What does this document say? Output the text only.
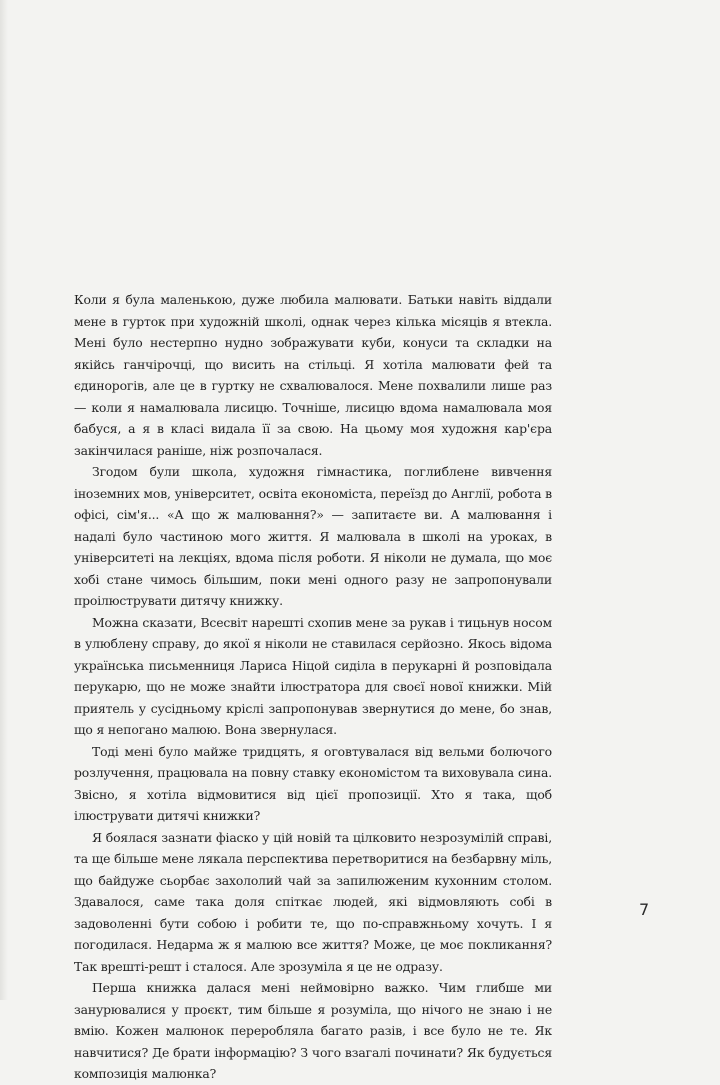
Коли я була маленькою, дуже любила малювати. Батьки навіть віддали мене в гурток при художній школі, однак через кілька місяців я втекла. Мені було нестерпно нудно зображувати куби, конуси та складки на якійсь ганчірочці, що висить на стільці. Я хотіла малювати фей та єдинорогів, але це в гуртку не схвалювалося. Мене похвалили лише раз — коли я намалювала лисицю. Точніше, лисицю вдома намалювала моя бабуся, а я в класі видала її за свою. На цьому моя художня кар'єра закінчилася раніше, ніж розпочалася.

Згодом були школа, художня гімнастика, поглиблене вивчення іноземних мов, університет, освіта економіста, переїзд до Англії, робота в офісі, сім'я... «А що ж малювання?» — запитаєте ви. А малювання і надалі було частиною мого життя. Я малювала в школі на уроках, в університеті на лекціях, вдома після роботи. Я ніколи не думала, що моє хобі стане чимось більшим, поки мені одного разу не запропонували проілюструвати дитячу книжку.

Можна сказати, Всесвіт нарешті схопив мене за рукав і тицьнув носом в улюблену справу, до якої я ніколи не ставилася серйозно. Якось відома українська письменниця Лариса Ніцой сиділа в перукарні й розповідала перукарю, що не може знайти ілюстратора для своєї нової книжки. Мій приятель у сусідньому кріслі запропонував звернутися до мене, бо знав, що я непогано малюю. Вона звернулася.

Тоді мені було майже тридцять, я оговтувалася від вельми болючого розлучення, працювала на повну ставку економістом та виховувала сина. Звісно, я хотіла відмовитися від цієї пропозиції. Хто я така, щоб ілюструвати дитячі книжки?

Я боялася зазнати фіаско у цій новій та цілковито незрозумілій справі, та ще більше мене лякала перспектива перетворитися на безбарвну міль, що байдуже сьорбає захололий чай за запилюженим кухонним столом. Здавалося, саме така доля спіткає людей, які відмовляють собі в задоволенні бути собою і робити те, що по-справжньому хочуть. І я погодилася. Недарма ж я малюю все життя? Може, це моє покликання? Так врешті-решт і сталося. Але зрозуміла я це не одразу.

Перша книжка далася мені неймовірно важко. Чим глибше ми занурювалися у проєкт, тим більше я розуміла, що нічого не знаю і не вмію. Кожен малюнок переробляла багато разів, і все було не те. Як навчитися? Де брати інформацію? З чого взагалі починати? Як будується композиція малюнка?

7
